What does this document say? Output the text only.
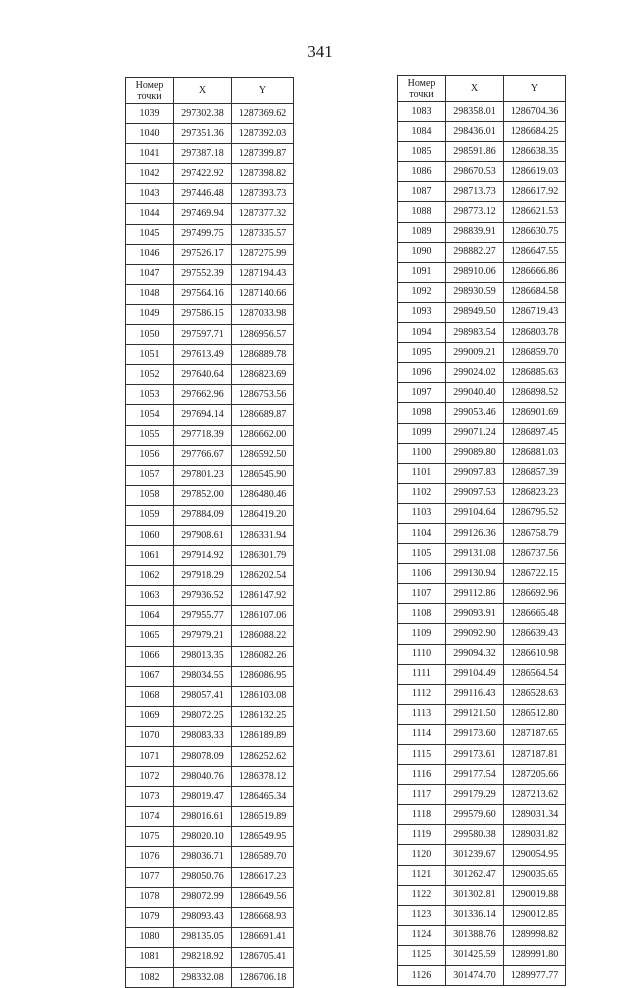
341
Номер
точки	X	Y
1039	297302.38	1287369.62
1040	297351.36	1287392.03
1041	297387.18	1287399.87
1042	297422.92	1287398.82
1043	297446.48	1287393.73
1044	297469.94	1287377.32
1045	297499.75	1287335.57
1046	297526.17	1287275.99
1047	297552.39	1287194.43
1048	297564.16	1287140.66
1049	297586.15	1287033.98
1050	297597.71	1286956.57
1051	297613.49	1286889.78
1052	297640.64	1286823.69
1053	297662.96	1286753.56
1054	297694.14	1286689.87
1055	297718.39	1286662.00
1056	297766.67	1286592.50
1057	297801.23	1286545.90
1058	297852.00	1286480.46
1059	297884.09	1286419.20
1060	297908.61	1286331.94
1061	297914.92	1286301.79
1062	297918.29	1286202.54
1063	297936.52	1286147.92
1064	297955.77	1286107.06
1065	297979.21	1286088.22
1066	298013.35	1286082.26
1067	298034.55	1286086.95
1068	298057.41	1286103.08
1069	298072.25	1286132.25
1070	298083.33	1286189.89
1071	298078.09	1286252.62
1072	298040.76	1286378.12
1073	298019.47	1286465.34
1074	298016.61	1286519.89
1075	298020.10	1286549.95
1076	298036.71	1286589.70
1077	298050.76	1286617.23
1078	298072.99	1286649.56
1079	298093.43	1286668.93
1080	298135.05	1286691.41
1081	298218.92	1286705.41
1082	298332.08	1286706.18
Номер
точки	X	Y
1083	298358.01	1286704.36
1084	298436.01	1286684.25
1085	298591.86	1286638.35
1086	298670.53	1286619.03
1087	298713.73	1286617.92
1088	298773.12	1286621.53
1089	298839.91	1286630.75
1090	298882.27	1286647.55
1091	298910.06	1286666.86
1092	298930.59	1286684.58
1093	298949.50	1286719.43
1094	298983.54	1286803.78
1095	299009.21	1286859.70
1096	299024.02	1286885.63
1097	299040.40	1286898.52
1098	299053.46	1286901.69
1099	299071.24	1286897.45
1100	299089.80	1286881.03
1101	299097.83	1286857.39
1102	299097.53	1286823.23
1103	299104.64	1286795.52
1104	299126.36	1286758.79
1105	299131.08	1286737.56
1106	299130.94	1286722.15
1107	299112.86	1286692.96
1108	299093.91	1286665.48
1109	299092.90	1286639.43
1110	299094.32	1286610.98
1111	299104.49	1286564.54
1112	299116.43	1286528.63
1113	299121.50	1286512.80
1114	299173.60	1287187.65
1115	299173.61	1287187.81
1116	299177.54	1287205.66
1117	299179.29	1287213.62
1118	299579.60	1289031.34
1119	299580.38	1289031.82
1120	301239.67	1290054.95
1121	301262.47	1290035.65
1122	301302.81	1290019.88
1123	301336.14	1290012.85
1124	301388.76	1289998.82
1125	301425.59	1289991.80
1126	301474.70	1289977.77
